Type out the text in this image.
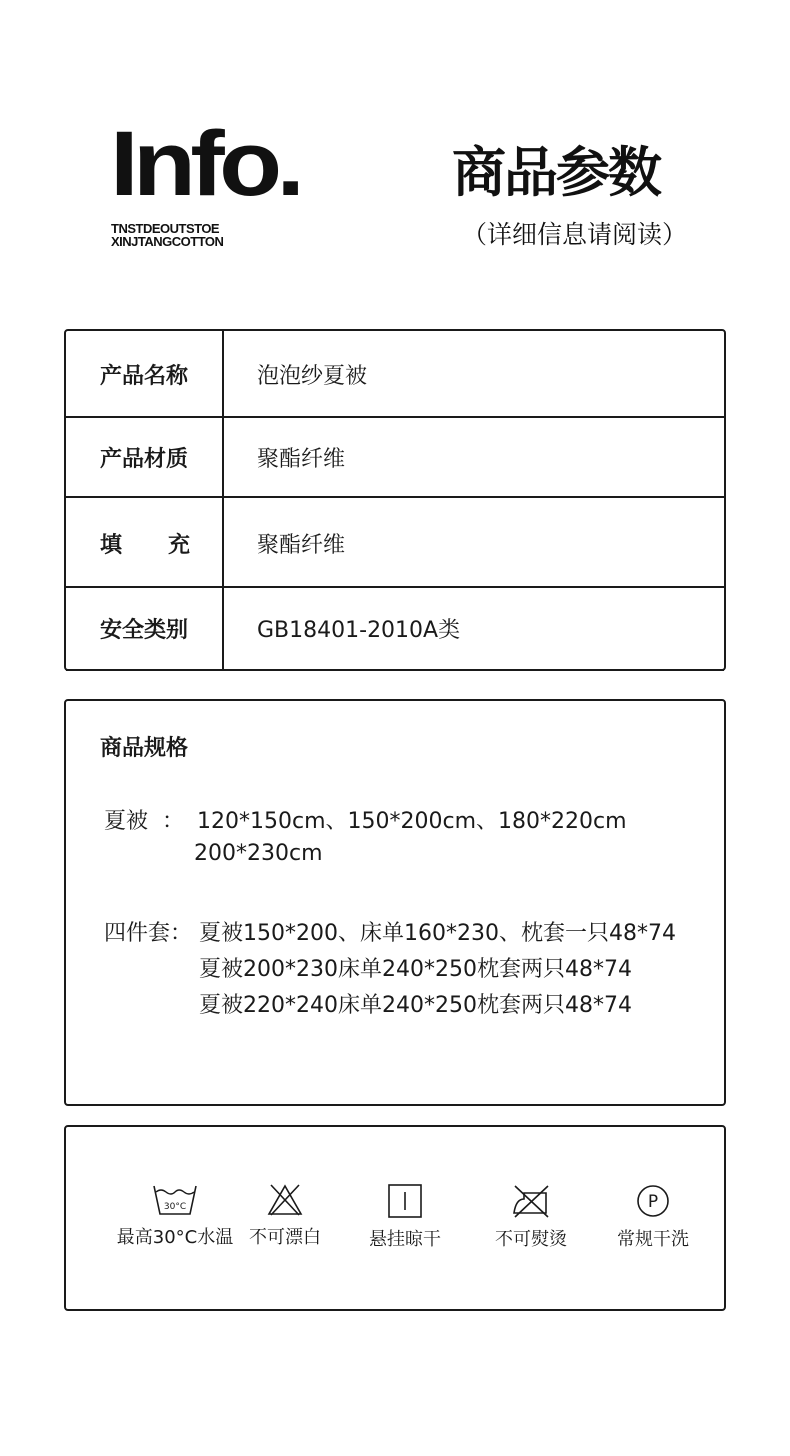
Info.
TNSTDEOUTSTOE
XINJTANGCOTTON
商品参数
（详细信息请阅读）
产品名称	泡泡纱夏被
产品材质	聚酯纤维
填      充	聚酯纤维
安全类别	GB18401-2010A类
商品规格
夏被  ： 120*150cm、150*200cm、180*220cm
200*230cm
四件套： 夏被150*200、床单160*230、枕套一只48*74
夏被200*230床单240*250枕套两只48*74
夏被220*240床单240*250枕套两只48*74
30°C
最高30°C水温 不可漂白	悬挂晾干	不可熨烫
P
常规干洗
